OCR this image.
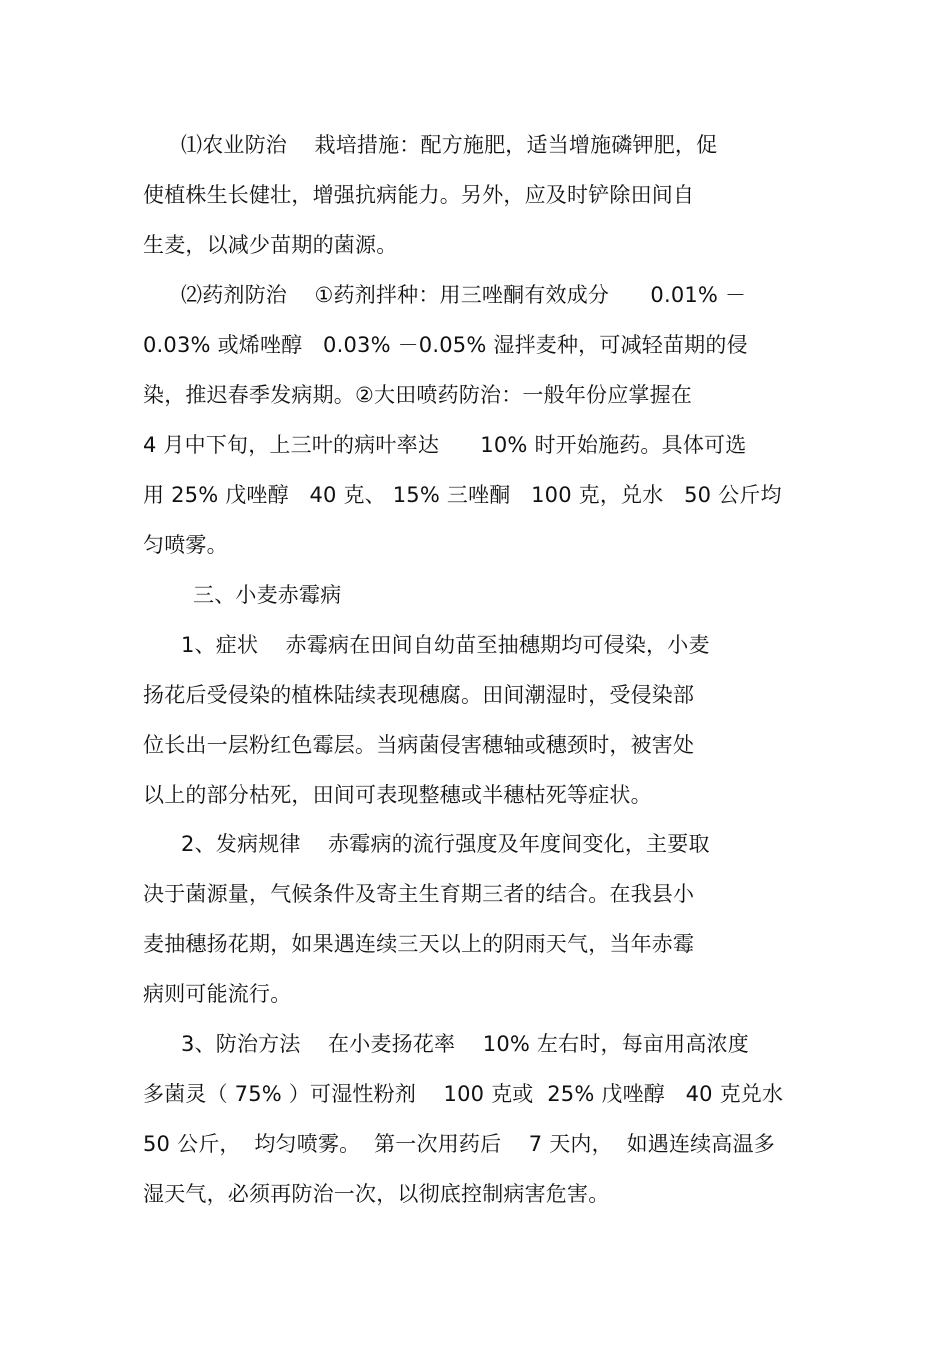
⑴农业防治    栽培措施：配方施肥，适当增施磷钾肥，促
使植株生长健壮，增强抗病能力。另外，应及时铲除田间自
生麦，以减少苗期的菌源。
⑵药剂防治    ①药剂拌种：用三唑酮有效成分      0.01% －
0.03% 或烯唑醇   0.03% －0.05% 湿拌麦种，可减轻苗期的侵
染，推迟春季发病期。②大田喷药防治：一般年份应掌握在
4 月中下旬，上三叶的病叶率达      10% 时开始施药。具体可选
用 25% 戊唑醇   40 克、 15% 三唑酮   100 克，兑水   50 公斤均
匀喷雾。
三、小麦赤霉病
1、症状    赤霉病在田间自幼苗至抽穗期均可侵染，小麦
扬花后受侵染的植株陆续表现穗腐。田间潮湿时，受侵染部
位长出一层粉红色霉层。当病菌侵害穗轴或穗颈时，被害处
以上的部分枯死，田间可表现整穗或半穗枯死等症状。
2、发病规律    赤霉病的流行强度及年度间变化，主要取
决于菌源量，气候条件及寄主生育期三者的结合。在我县小
麦抽穗扬花期，如果遇连续三天以上的阴雨天气，当年赤霉
病则可能流行。
3、防治方法    在小麦扬花率    10% 左右时，每亩用高浓度
多菌灵（ 75% ）可湿性粉剂    100 克或  25% 戊唑醇   40 克兑水
50 公斤，  均匀喷雾。  第一次用药后    7 天内，  如遇连续高温多
湿天气，必须再防治一次，以彻底控制病害危害。
